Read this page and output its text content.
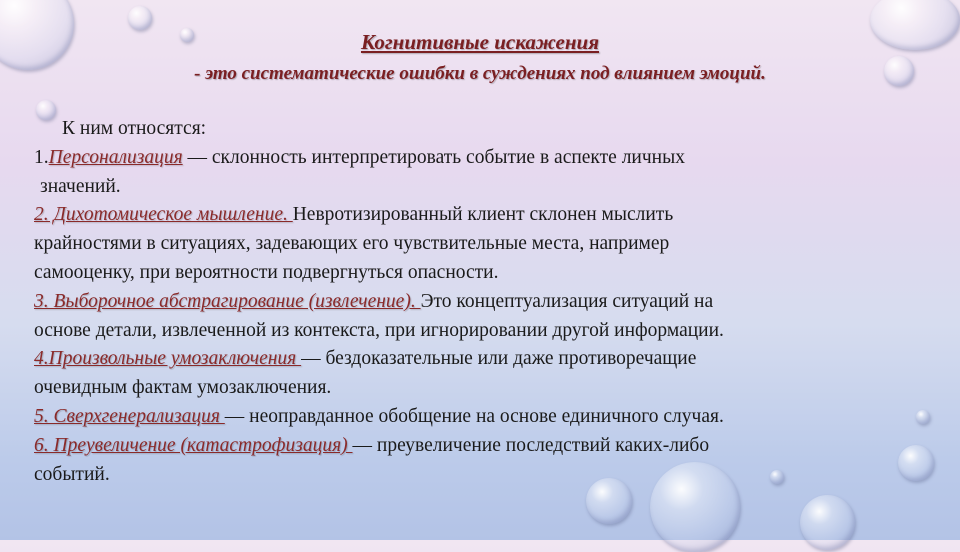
Когнитивные искажения
- это систематические ошибки в суждениях под влиянием эмоций.
К ним относятся:
1.Персонализация — склонность интерпретировать событие в аспекте личных
значений.
2. Дихотомическое мышление. Невротизированный клиент склонен мыслить
крайностями в ситуациях, задевающих его чувствительные места, например
самооценку, при вероятности подвергнуться опасности.
3. Выборочное абстрагирование (извлечение). Это концептуализация ситуаций на
основе детали, извлеченной из контекста, при игнорировании другой информации.
4.Произвольные умозаключения — бездоказательные или даже противоречащие
очевидным фактам умозаключения.
5. Сверхгенерализация — неоправданное обобщение на основе единичного случая.
6. Преувеличение (катастрофизация) — преувеличение последствий каких-либо
событий.
